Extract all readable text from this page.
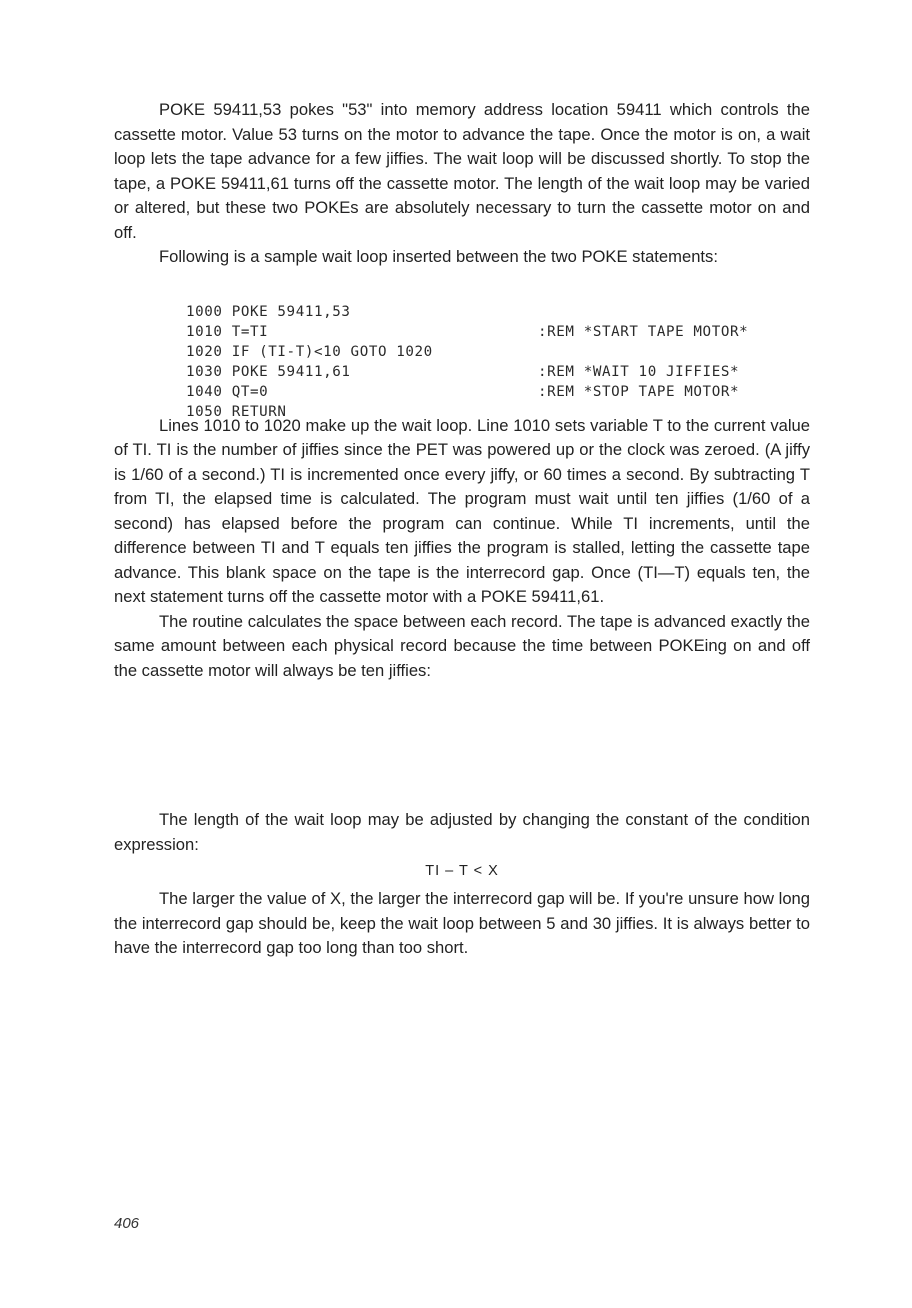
POKE 59411,53 pokes "53" into memory address location 59411 which controls the cassette motor. Value 53 turns on the motor to advance the tape. Once the motor is on, a wait loop lets the tape advance for a few jiffies. The wait loop will be discussed shortly. To stop the tape, a POKE 59411,61 turns off the cassette motor. The length of the wait loop may be varied or altered, but these two POKEs are absolutely necessary to turn the cassette motor on and off.

Following is a sample wait loop inserted between the two POKE statements:

1000 POKE 59411,53

:REM *START TAPE MOTOR*

1010 T=TI

1020 IF (TI-T)<10 GOTO 1020

:REM *WAIT 10 JIFFIES*

1030 POKE 59411,61

:REM *STOP TAPE MOTOR*

1040 QT=0

1050 RETURN

Lines 1010 to 1020 make up the wait loop. Line 1010 sets variable T to the current value of TI. TI is the number of jiffies since the PET was powered up or the clock was zeroed. (A jiffy is 1/60 of a second.) TI is incremented once every jiffy, or 60 times a second. By subtracting T from TI, the elapsed time is calculated. The program must wait until ten jiffies (1/60 of a second) has elapsed before the program can continue. While TI increments, until the difference between TI and T equals ten jiffies the program is stalled, letting the cassette tape advance. This blank space on the tape is the interrecord gap. Once (TI—T) equals ten, the next statement turns off the cassette motor with a POKE 59411,61.

The routine calculates the space between each record. The tape is advanced exactly the same amount between each physical record because the time between POKEing on and off the cassette motor will always be ten jiffies:

The length of the wait loop may be adjusted by changing the constant of the condition expression:

TI – T < X

The larger the value of X, the larger the interrecord gap will be. If you're unsure how long the interrecord gap should be, keep the wait loop between 5 and 30 jiffies. It is always better to have the interrecord gap too long than too short.

406
